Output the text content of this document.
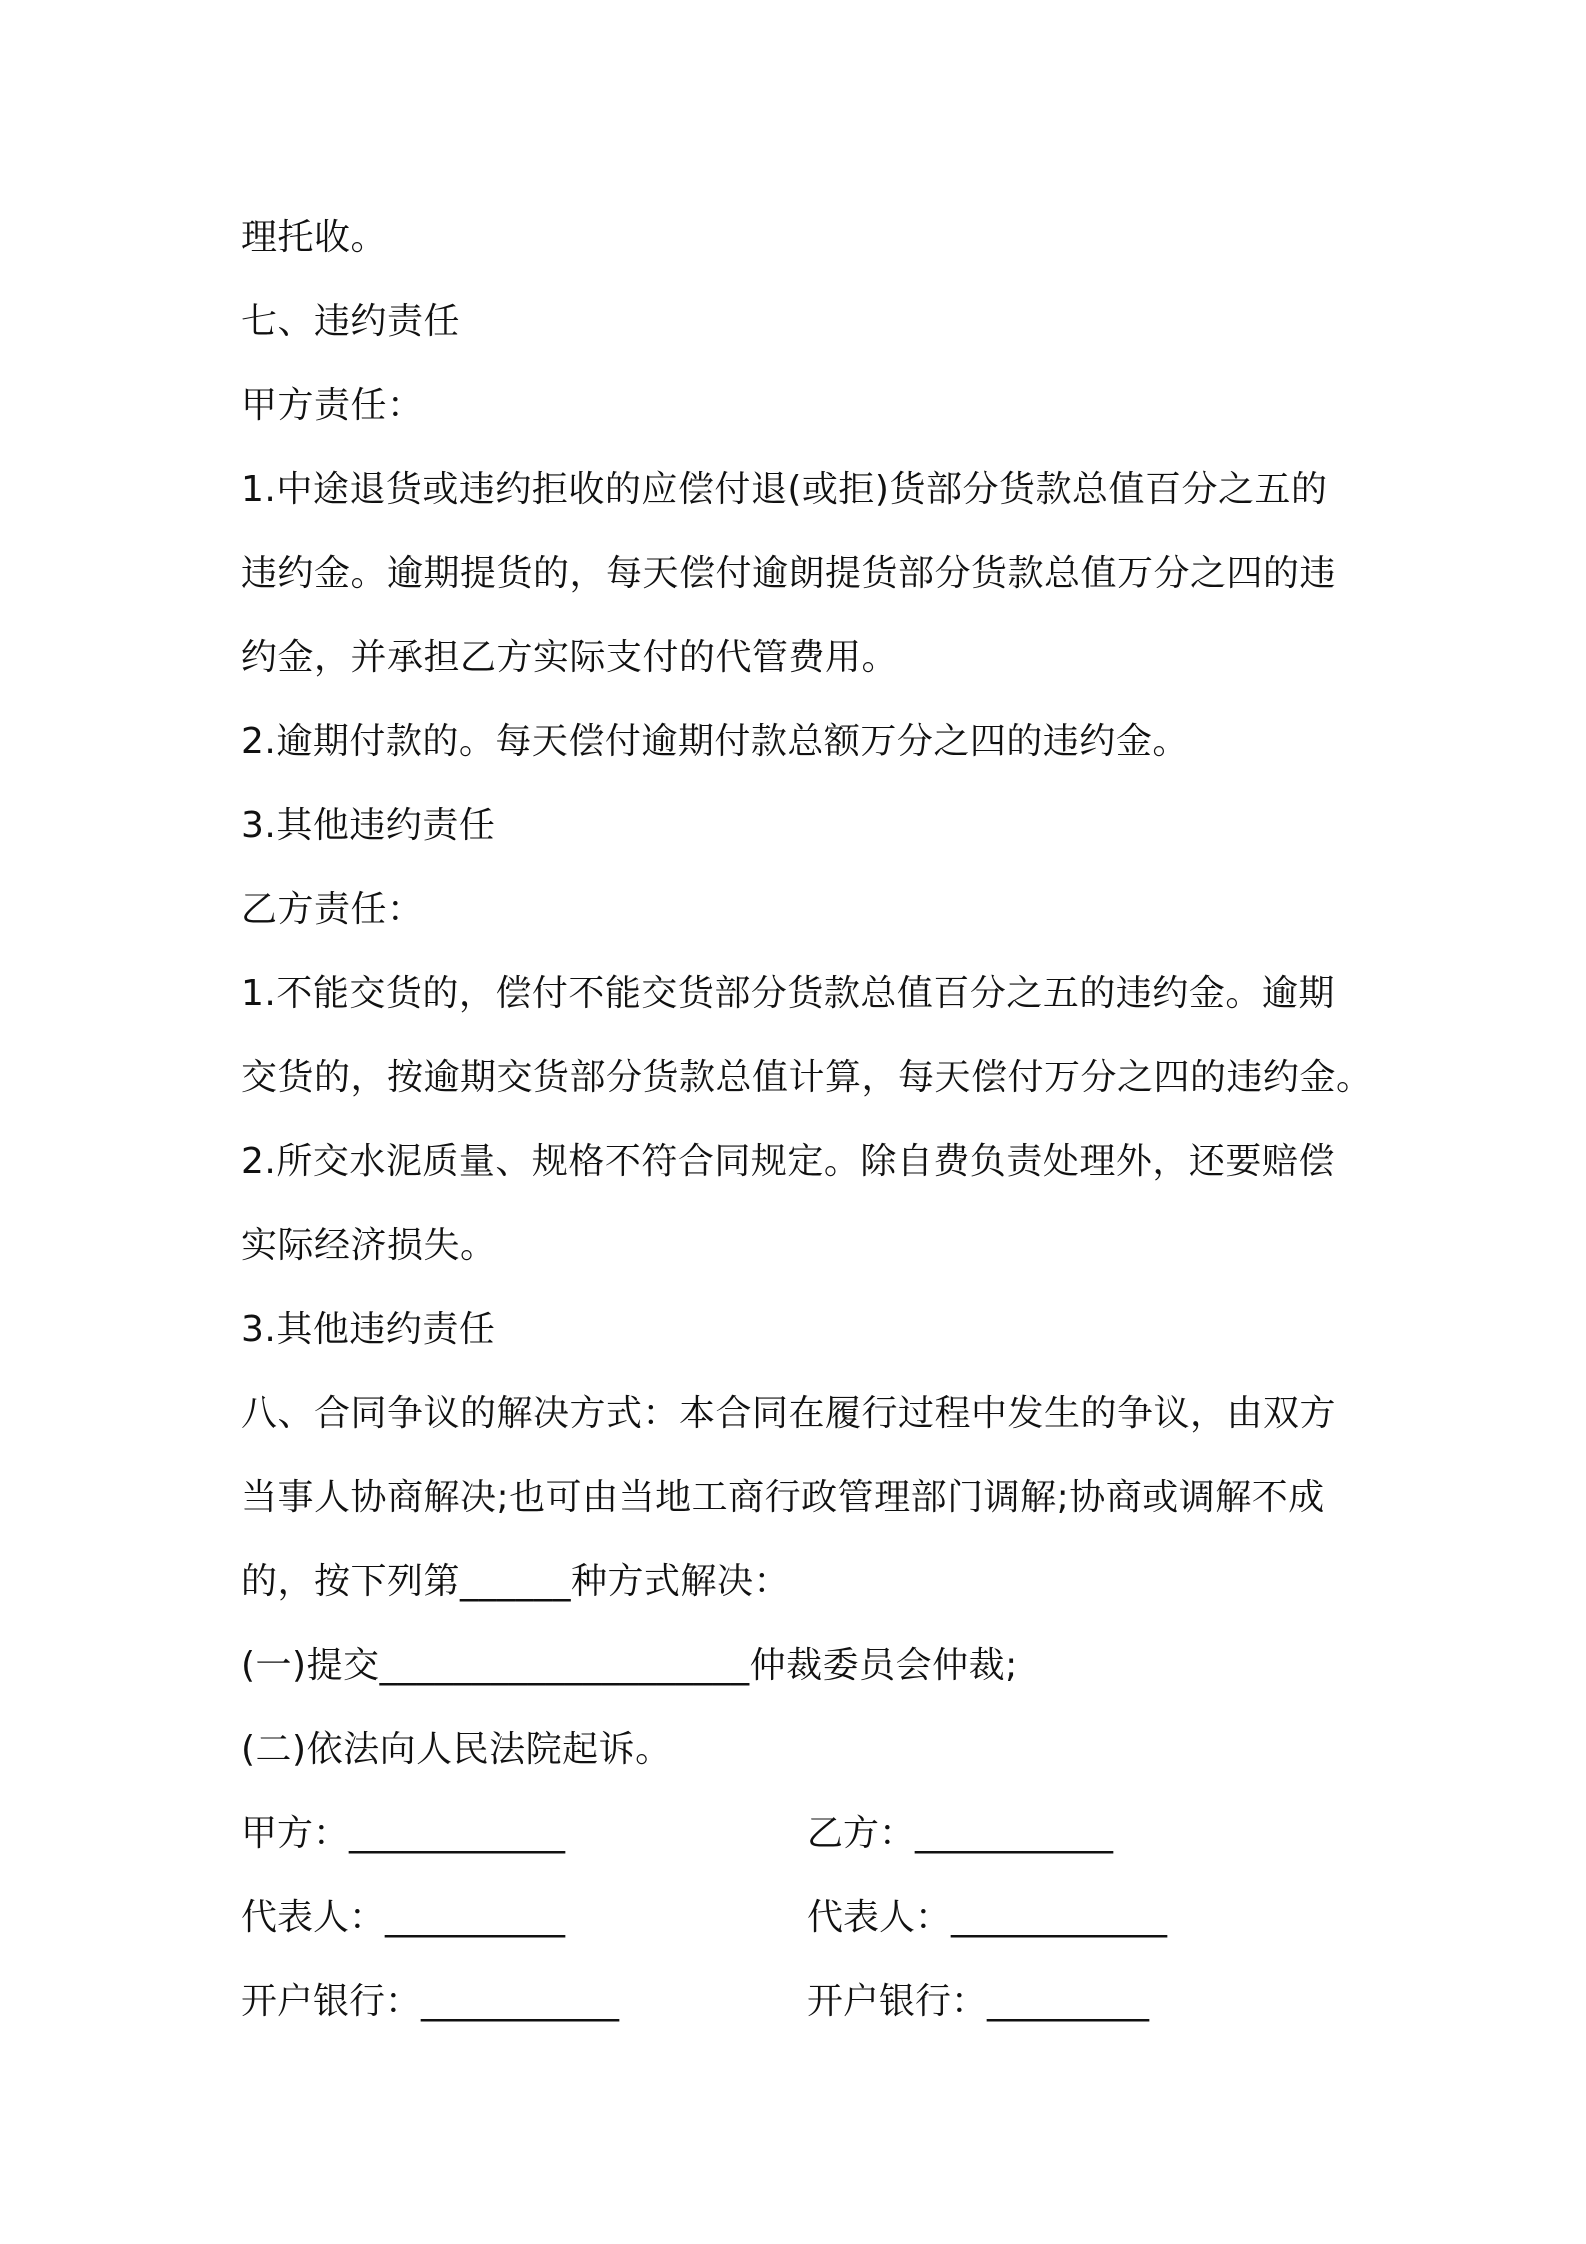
理托收。
七、违约责任
甲方责任：
1.中途退货或违约拒收的应偿付退(或拒)货部分货款总值百分之五的
违约金。逾期提货的，每天偿付逾朗提货部分货款总值万分之四的违
约金，并承担乙方实际支付的代管费用。
2.逾期付款的。每天偿付逾期付款总额万分之四的违约金。
3.其他违约责任
乙方责任：
1.不能交货的，偿付不能交货部分货款总值百分之五的违约金。逾期
交货的，按逾期交货部分货款总值计算，每天偿付万分之四的违约金。
2.所交水泥质量、规格不符合同规定。除自费负责处理外，还要赔偿
实际经济损失。
3.其他违约责任
八、合同争议的解决方式：本合同在履行过程中发生的争议，由双方
当事人协商解决;也可由当地工商行政管理部门调解;协商或调解不成
的，按下列第______种方式解决：
(一)提交____________________仲裁委员会仲裁;
(二)依法向人民法院起诉。
甲方：____________	乙方：___________
代表人：__________	代表人：____________
开户银行：___________	开户银行：_________
